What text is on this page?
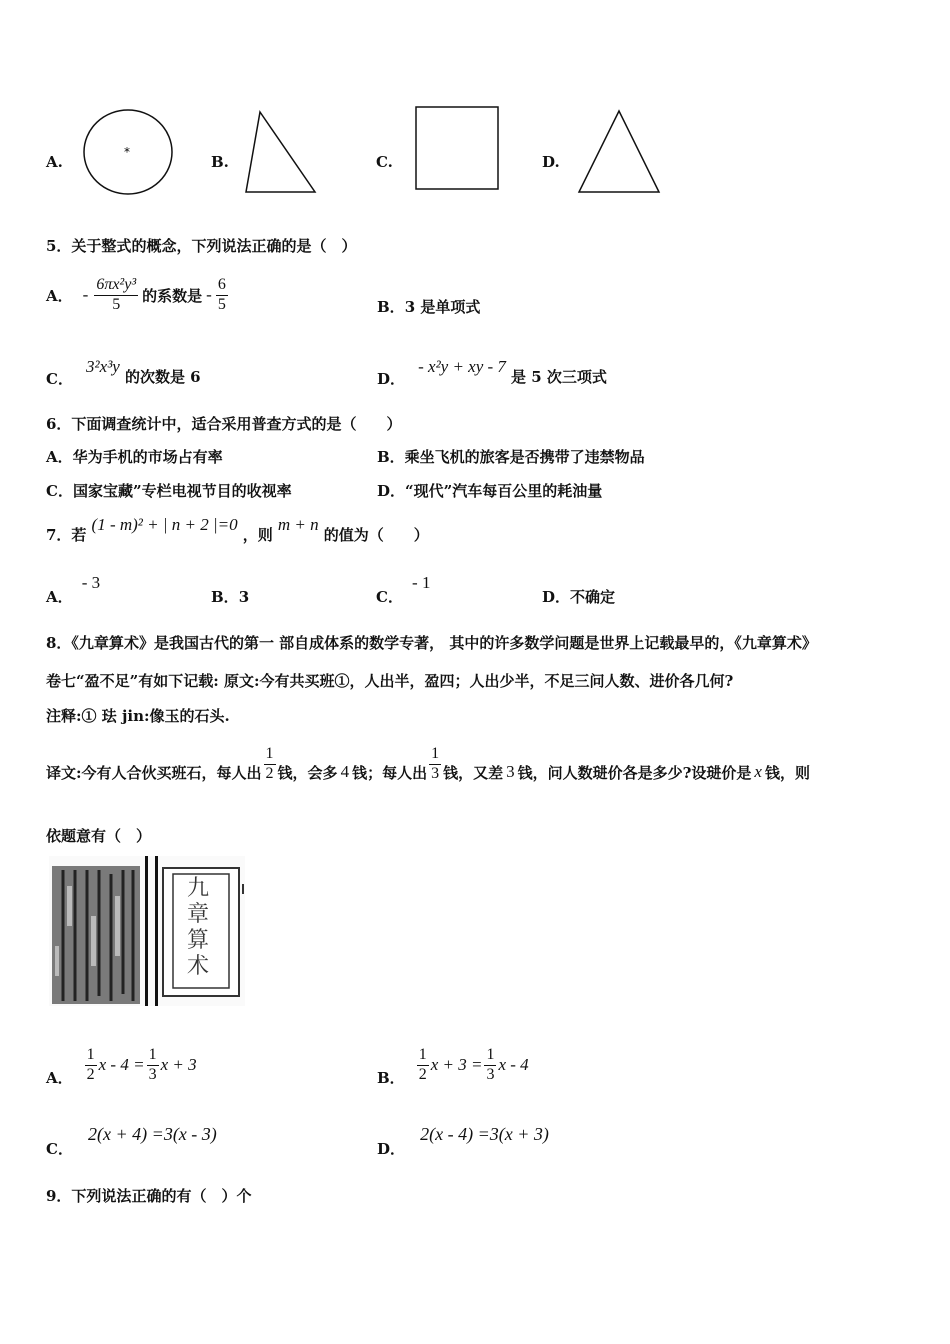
A.
*
B.	C.	D.
5．关于整式的概念，下列说法正确的是（　）
A． - $\frac{\text{6πx²y³}}{5}$ 的系数是 - $\frac{6}{5}$	B．3 是单项式
C． 3²x³y 的次数是 6	D． - x²y + xy - 7 是 5 次三项式
6．下面调查统计中，适合采用普查方式的是（　　）
A．华为手机的市场占有率	B．乘坐飞机的旅客是否携带了违禁物品
C．国家宝藏”专栏电视节目的收视率	D．“现代”汽车每百公里的耗油量
7．若 (1 - m)² + | n + 2 |=0 ，则 m + n 的值为（　　）
A． - 3
B．3	C． - 1
D．不确定
8．《九章算术》是我国古代的第一 部自成体系的数学专著， 其中的许多数学问题是世界上记载最早的，《九章算术》
卷七“盈不足”有如下记载: 原文:今有共买班①，人出半，盈四；人出少半，不足三问人数、进价各几何?
注释:① 珐 jin:像玉的石头.
译文:今有人合伙买班石，每人出 $\frac{1}{2}$ 钱，会多 4 钱；每人出 $\frac{1}{3}$ 钱，又差 3 钱，问人数琎价各是多少?设琎价是 x 钱，则
依题意有（　）
九
章
算
术
A． $\frac{1}{2}$ $x - 4 = \frac{1}{3}$ x + 3
B． $\frac{1}{2}$ $x + 3 = \frac{1}{3}$ x - 4
C． 2(x + 4) =3(x - 3)
D． 2(x - 4) =3(x + 3)
9．下列说法正确的有（　）个
